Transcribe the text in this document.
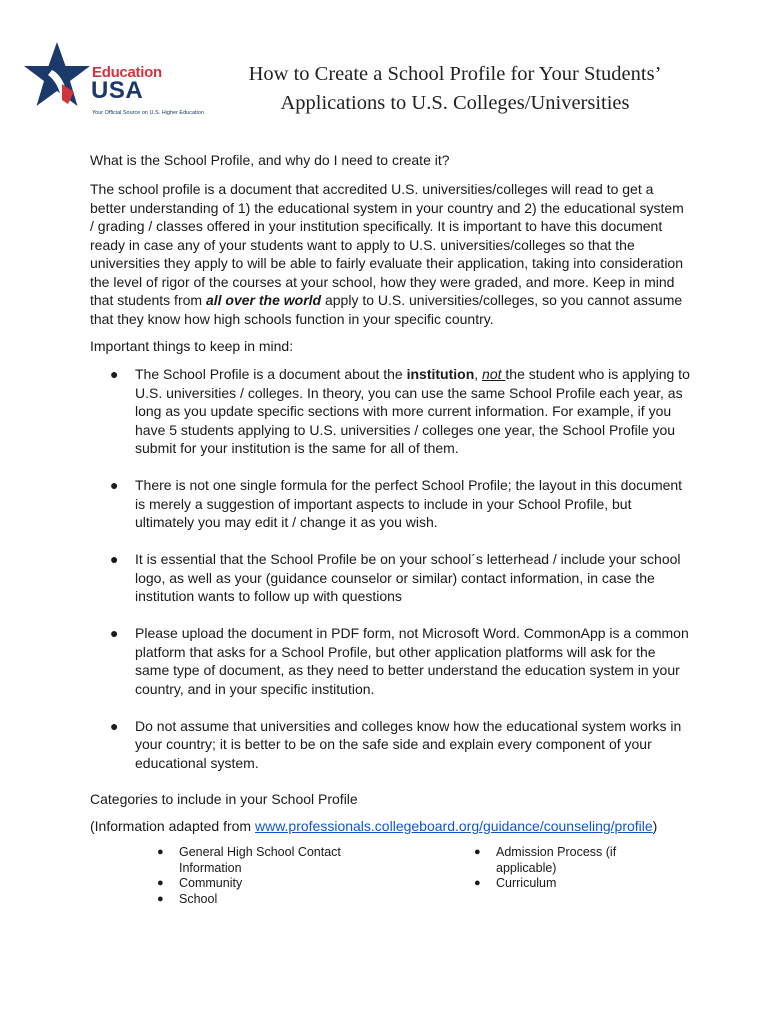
Education
USA
Your Official Source on U.S. Higher Education
How to Create a School Profile for Your Students’
Applications to U.S. Colleges/Universities
What is the School Profile, and why do I need to create it?
The school profile is a document that accredited U.S. universities/colleges will read to get a better understanding of 1) the educational system in your country and 2) the educational system / grading / classes offered in your institution specifically. It is important to have this document ready in case any of your students want to apply to U.S. universities/colleges so that the universities they apply to will be able to fairly evaluate their application, taking into consideration the level of rigor of the courses at your school, how they were graded, and more. Keep in mind that students from all over the world apply to U.S. universities/colleges, so you cannot assume that they know how high schools function in your specific country.
Important things to keep in mind:
● The School Profile is a document about the institution, not the student who is applying to U.S. universities / colleges. In theory, you can use the same School Profile each year, as long as you update specific sections with more current information. For example, if you have 5 students applying to U.S. universities / colleges one year, the School Profile you submit for your institution is the same for all of them.
● There is not one single formula for the perfect School Profile; the layout in this document is merely a suggestion of important aspects to include in your School Profile, but ultimately you may edit it / change it as you wish.
● It is essential that the School Profile be on your school´s letterhead / include your school logo, as well as your (guidance counselor or similar) contact information, in case the institution wants to follow up with questions
● Please upload the document in PDF form, not Microsoft Word. CommonApp is a common platform that asks for a School Profile, but other application platforms will ask for the same type of document, as they need to better understand the education system in your country, and in your specific institution.
● Do not assume that universities and colleges know how the educational system works in your country; it is better to be on the safe side and explain every component of your educational system.
Categories to include in your School Profile
(Information adapted from www.professionals.collegeboard.org/guidance/counseling/profile)
● General High School Contact Information
● Community
● School
● Admission Process (if applicable)
● Curriculum
